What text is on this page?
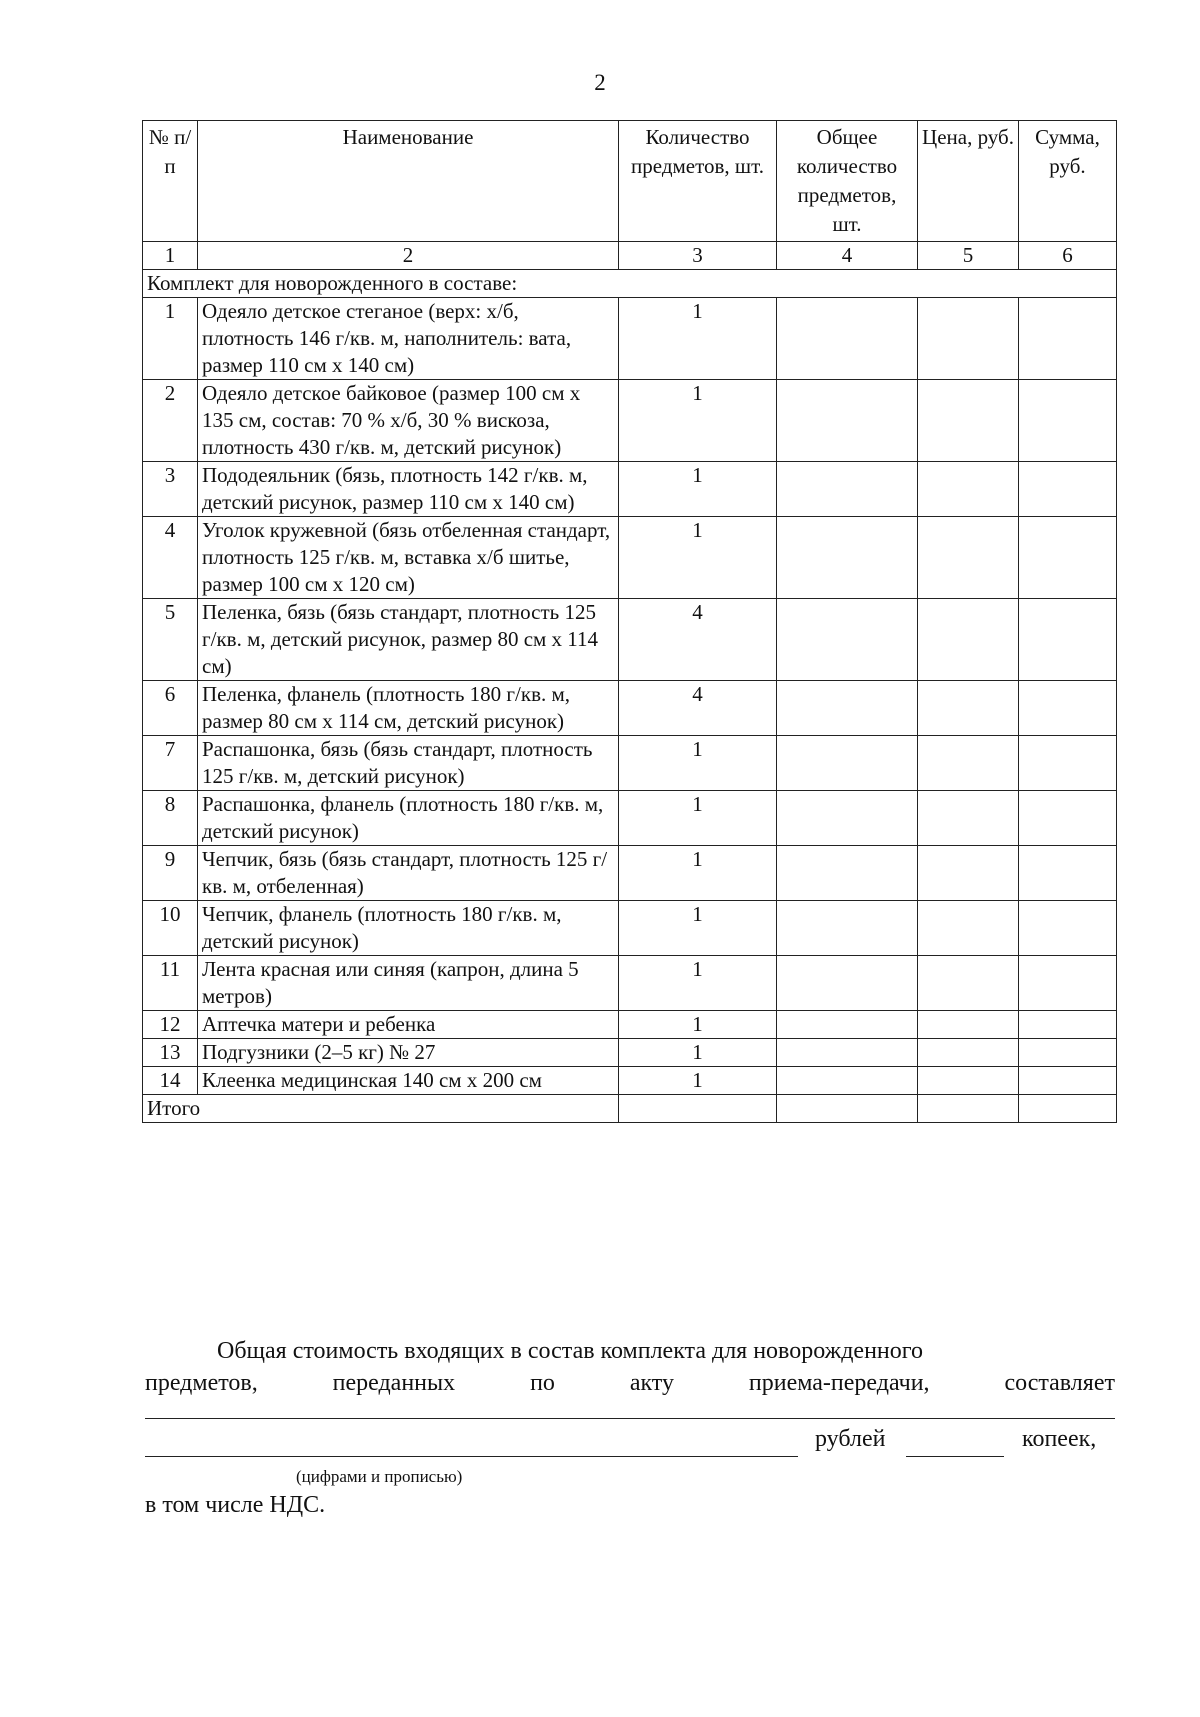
2
№ п/п	Наименование	Количество предметов, шт.	Общее количество предметов, шт.	Цена, руб.	Сумма, руб.
1	2	3	4	5	6
Комплект для новорожденного в составе:					
1	Одеяло детское стеганое (верх: х/б, плотность 146 г/кв. м, наполнитель: вата, размер 110 см x 140 см)	1			
2	Одеяло детское байковое (размер 100 см x 135 см, состав: 70 % х/б, 30 % вискоза, плотность 430 г/кв. м, детский рисунок)	1			
3	Пододеяльник (бязь, плотность 142 г/кв. м, детский рисунок, размер 110 см x 140 см)	1			
4	Уголок кружевной (бязь отбеленная стандарт, плотность 125 г/кв. м, вставка х/б шитье, размер 100 см x 120 см)	1			
5	Пеленка, бязь (бязь стандарт, плотность 125 г/кв. м, детский рисунок, размер 80 см x 114 см)	4			
6	Пеленка, фланель (плотность 180 г/кв. м, размер 80 см x 114 см, детский рисунок)	4			
7	Распашонка, бязь (бязь стандарт, плотность 125 г/кв. м, детский рисунок)	1			
8	Распашонка, фланель (плотность 180 г/кв. м, детский рисунок)	1			
9	Чепчик, бязь (бязь стандарт, плотность 125 г/кв. м, отбеленная)	1			
10	Чепчик, фланель (плотность 180 г/кв. м, детский рисунок)	1			
11	Лента красная или синяя (капрон, длина 5 метров)	1			
12	Аптечка матери и ребенка	1			
13	Подгузники (2–5 кг) № 27	1			
14	Клеенка медицинская 140 см x 200 см	1			
Итого					
Общая стоимость входящих в состав комплекта для новорожденного
предметов,	переданных	по	акту	приема-передачи,	составляет
рублей	копеек,
(цифрами и прописью)
в том числе НДС.
